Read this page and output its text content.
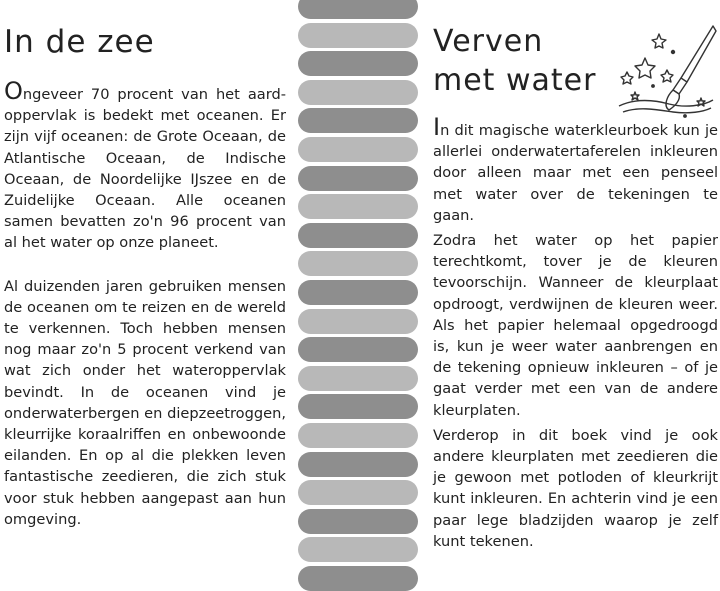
In de zee

Ongeveer 70 procent van het aardoppervlak is bedekt met oceanen. Er zijn vijf oceanen: de Grote Oceaan, de Atlantische Oceaan, de Indische Oceaan, de Noordelijke IJszee en de Zuidelijke Oceaan. Alle oceanen samen bevatten zo'n 96 procent van al het water op onze planeet.

Al duizenden jaren gebruiken mensen de oceanen om te reizen en de wereld te verkennen. Toch hebben mensen nog maar zo'n 5 procent verkend van wat zich onder het wateroppervlak bevindt. In de oceanen vind je onderwaterbergen en diepzeetroggen, kleurrijke koraalriffen en onbewoonde eilanden. En op al die plekken leven fantastische zeedieren, die zich stuk voor stuk hebben aangepast aan hun omgeving.

Verven met water

In dit magische waterkleurboek kun je allerlei onderwatertaferelen inkleuren door alleen maar met een penseel met water over de tekeningen te gaan.

Zodra het water op het papier terechtkomt, tover je de kleuren tevoorschijn. Wanneer de kleurplaat opdroogt, verdwijnen de kleuren weer. Als het papier helemaal opgedroogd is, kun je weer water aanbrengen en de tekening opnieuw inkleuren – of je gaat verder met een van de andere kleurplaten.

Verderop in dit boek vind je ook andere kleurplaten met zeedieren die je gewoon met potloden of kleurkrijt kunt inkleuren. En achterin vind je een paar lege bladzijden waarop je zelf kunt tekenen.
